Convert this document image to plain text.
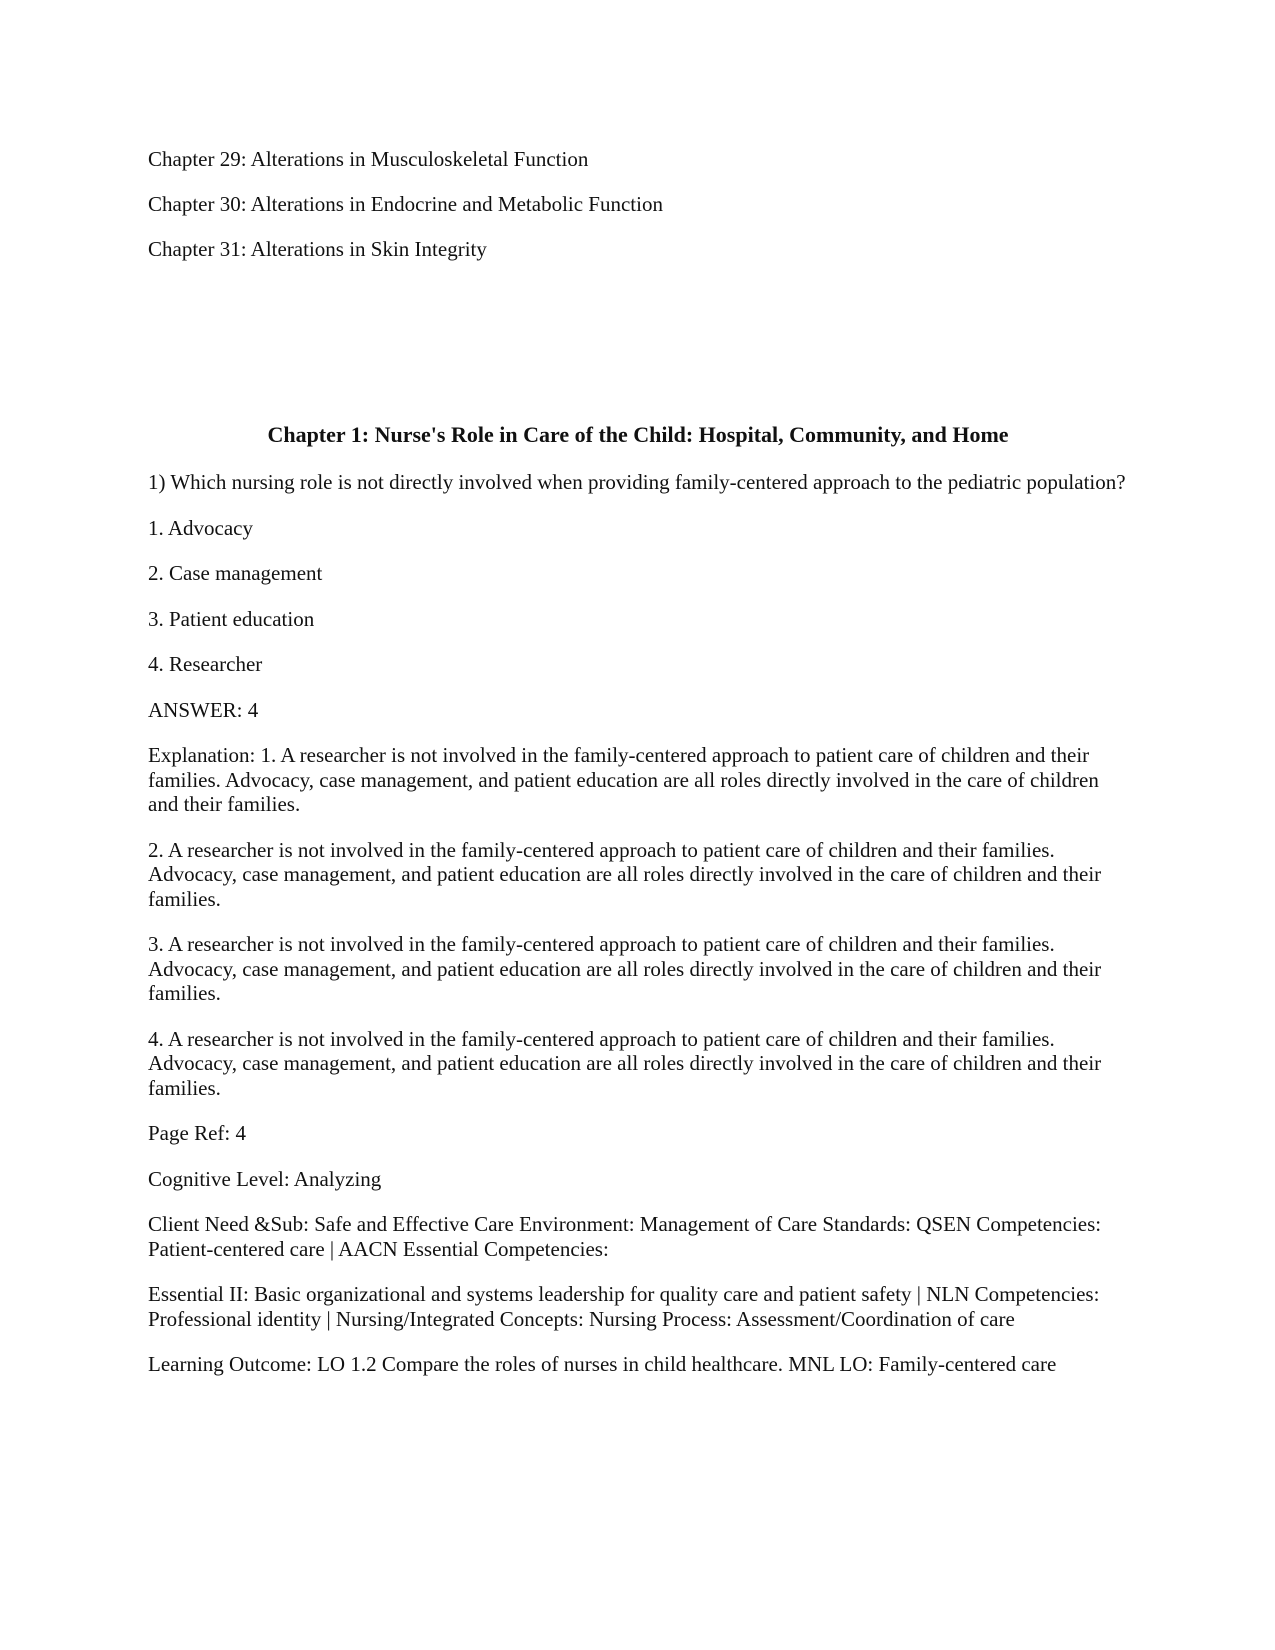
Chapter 29: Alterations in Musculoskeletal Function

Chapter 30: Alterations in Endocrine and Metabolic Function

Chapter 31: Alterations in Skin Integrity

Chapter 1: Nurse's Role in Care of the Child: Hospital, Community, and Home

1) Which nursing role is not directly involved when providing family-centered approach to the pediatric population?

1. Advocacy

2. Case management

3. Patient education

4. Researcher

ANSWER: 4

Explanation: 1. A researcher is not involved in the family-centered approach to patient care of children and their families. Advocacy, case management, and patient education are all roles directly involved in the care of children and their families.

2. A researcher is not involved in the family-centered approach to patient care of children and their families. Advocacy, case management, and patient education are all roles directly involved in the care of children and their families.

3. A researcher is not involved in the family-centered approach to patient care of children and their families. Advocacy, case management, and patient education are all roles directly involved in the care of children and their families.

4. A researcher is not involved in the family-centered approach to patient care of children and their families. Advocacy, case management, and patient education are all roles directly involved in the care of children and their families.

Page Ref: 4

Cognitive Level: Analyzing

Client Need &Sub: Safe and Effective Care Environment: Management of Care Standards: QSEN Competencies: Patient-centered care | AACN Essential Competencies:

Essential II: Basic organizational and systems leadership for quality care and patient safety | NLN Competencies: Professional identity | Nursing/Integrated Concepts: Nursing Process: Assessment/Coordination of care

Learning Outcome: LO 1.2 Compare the roles of nurses in child healthcare. MNL LO: Family-centered care
